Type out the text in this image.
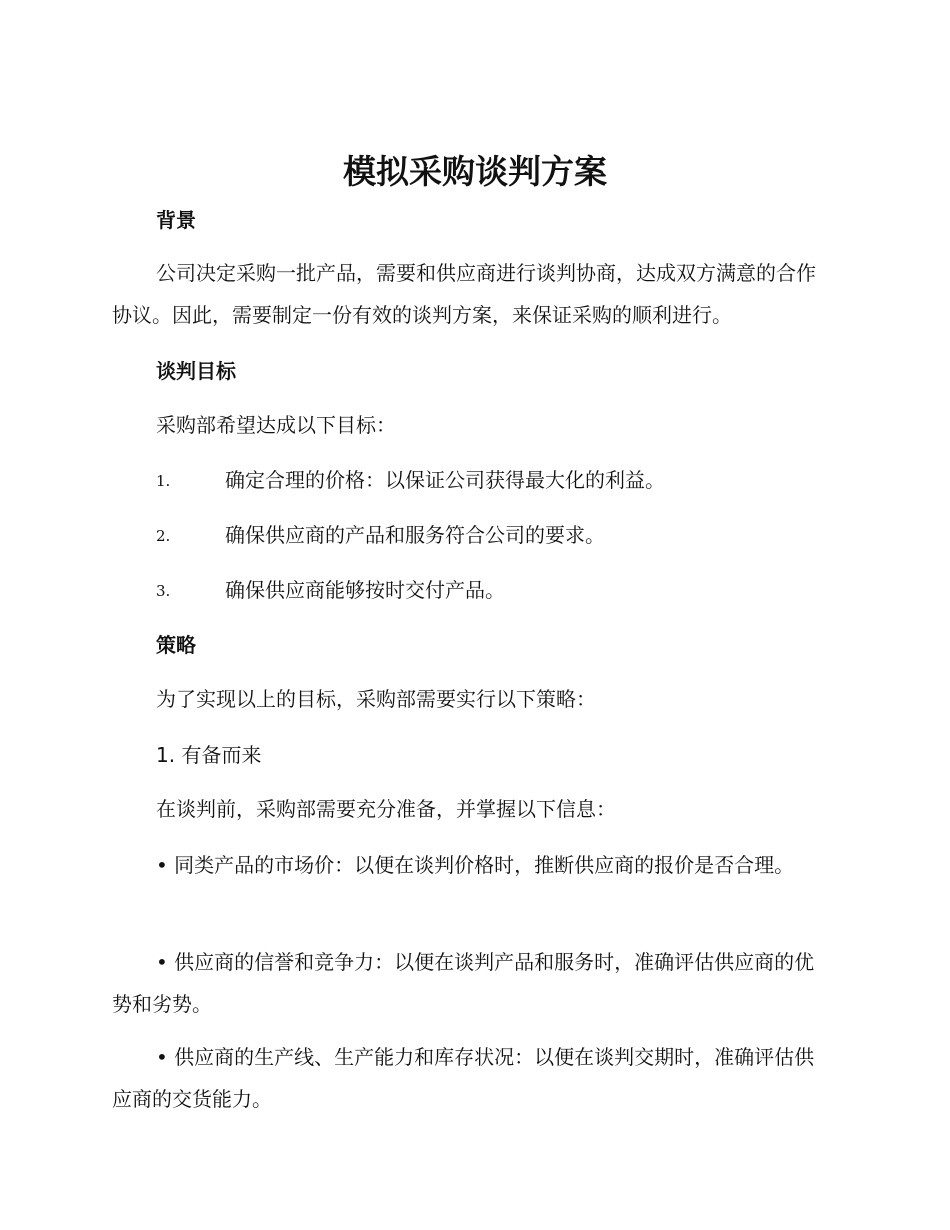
模拟采购谈判方案
背景
公司决定采购一批产品，需要和供应商进行谈判协商，达成双方满意的合作协议。因此，需要制定一份有效的谈判方案，来保证采购的顺利进行。
谈判目标
采购部希望达成以下目标：
1.	确定合理的价格：以保证公司获得最大化的利益。
2.	确保供应商的产品和服务符合公司的要求。
3.	确保供应商能够按时交付产品。
策略
为了实现以上的目标，采购部需要实行以下策略：
1. 有备而来
在谈判前，采购部需要充分准备，并掌握以下信息：
• 同类产品的市场价：以便在谈判价格时，推断供应商的报价是否合理。
• 供应商的信誉和竞争力：以便在谈判产品和服务时，准确评估供应商的优势和劣势。
• 供应商的生产线、生产能力和库存状况：以便在谈判交期时，准确评估供应商的交货能力。
